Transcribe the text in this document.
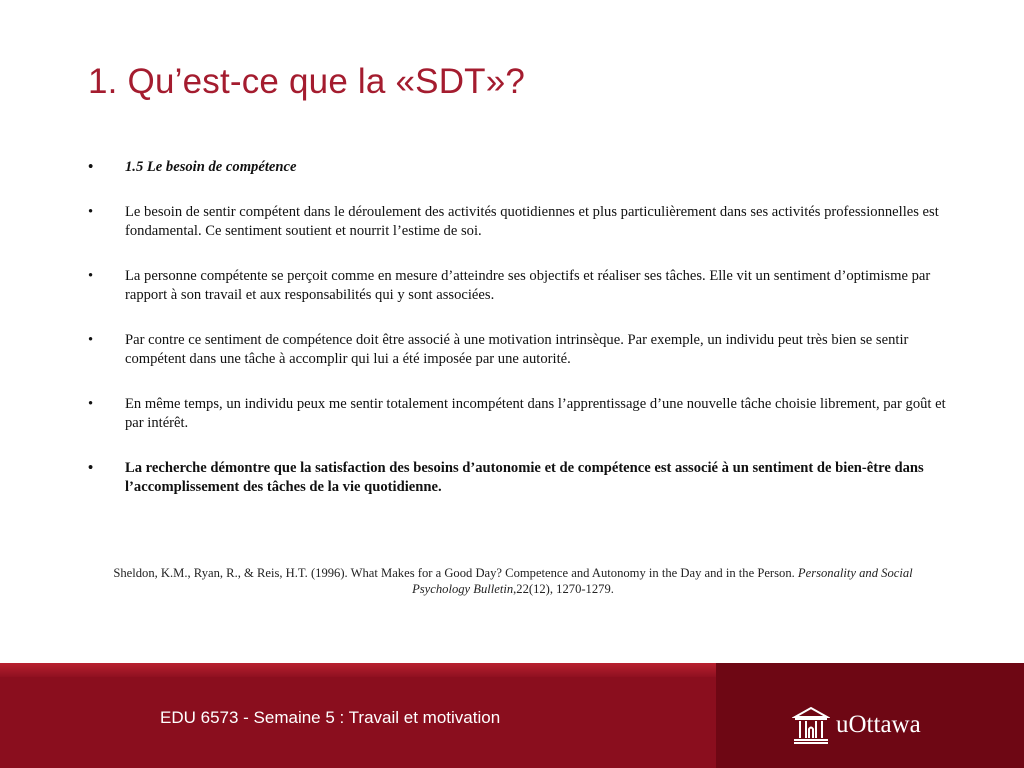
1. Qu’est-ce que la «SDT»?
• 1.5 Le besoin de compétence
• Le besoin de sentir compétent dans le déroulement des activités quotidiennes et plus particulièrement dans ses activités professionnelles est fondamental. Ce sentiment soutient et nourrit l’estime de soi.
• La personne compétente se perçoit comme en mesure d’atteindre ses objectifs et réaliser ses tâches. Elle vit un sentiment d’optimisme par rapport à son travail et aux responsabilités qui y sont associées.
• Par contre ce sentiment de compétence doit être associé à une motivation intrinsèque. Par exemple, un individu peut très bien se sentir compétent dans une tâche à accomplir qui lui a été imposée par une autorité.
• En même temps, un individu peux me sentir totalement incompétent dans l’apprentissage d’une nouvelle tâche choisie librement, par goût et par intérêt.
• La recherche démontre que la satisfaction des besoins d’autonomie et de compétence est associé à un sentiment de bien-être dans l’accomplissement des tâches de la vie quotidienne.
Sheldon, K.M., Ryan, R., & Reis, H.T. (1996). What Makes for a Good Day? Competence and Autonomy in the Day and in the Person. Personality and Social Psychology Bulletin,22(12), 1270-1279.
EDU 6573 - Semaine 5 : Travail et motivation	uOttawa
